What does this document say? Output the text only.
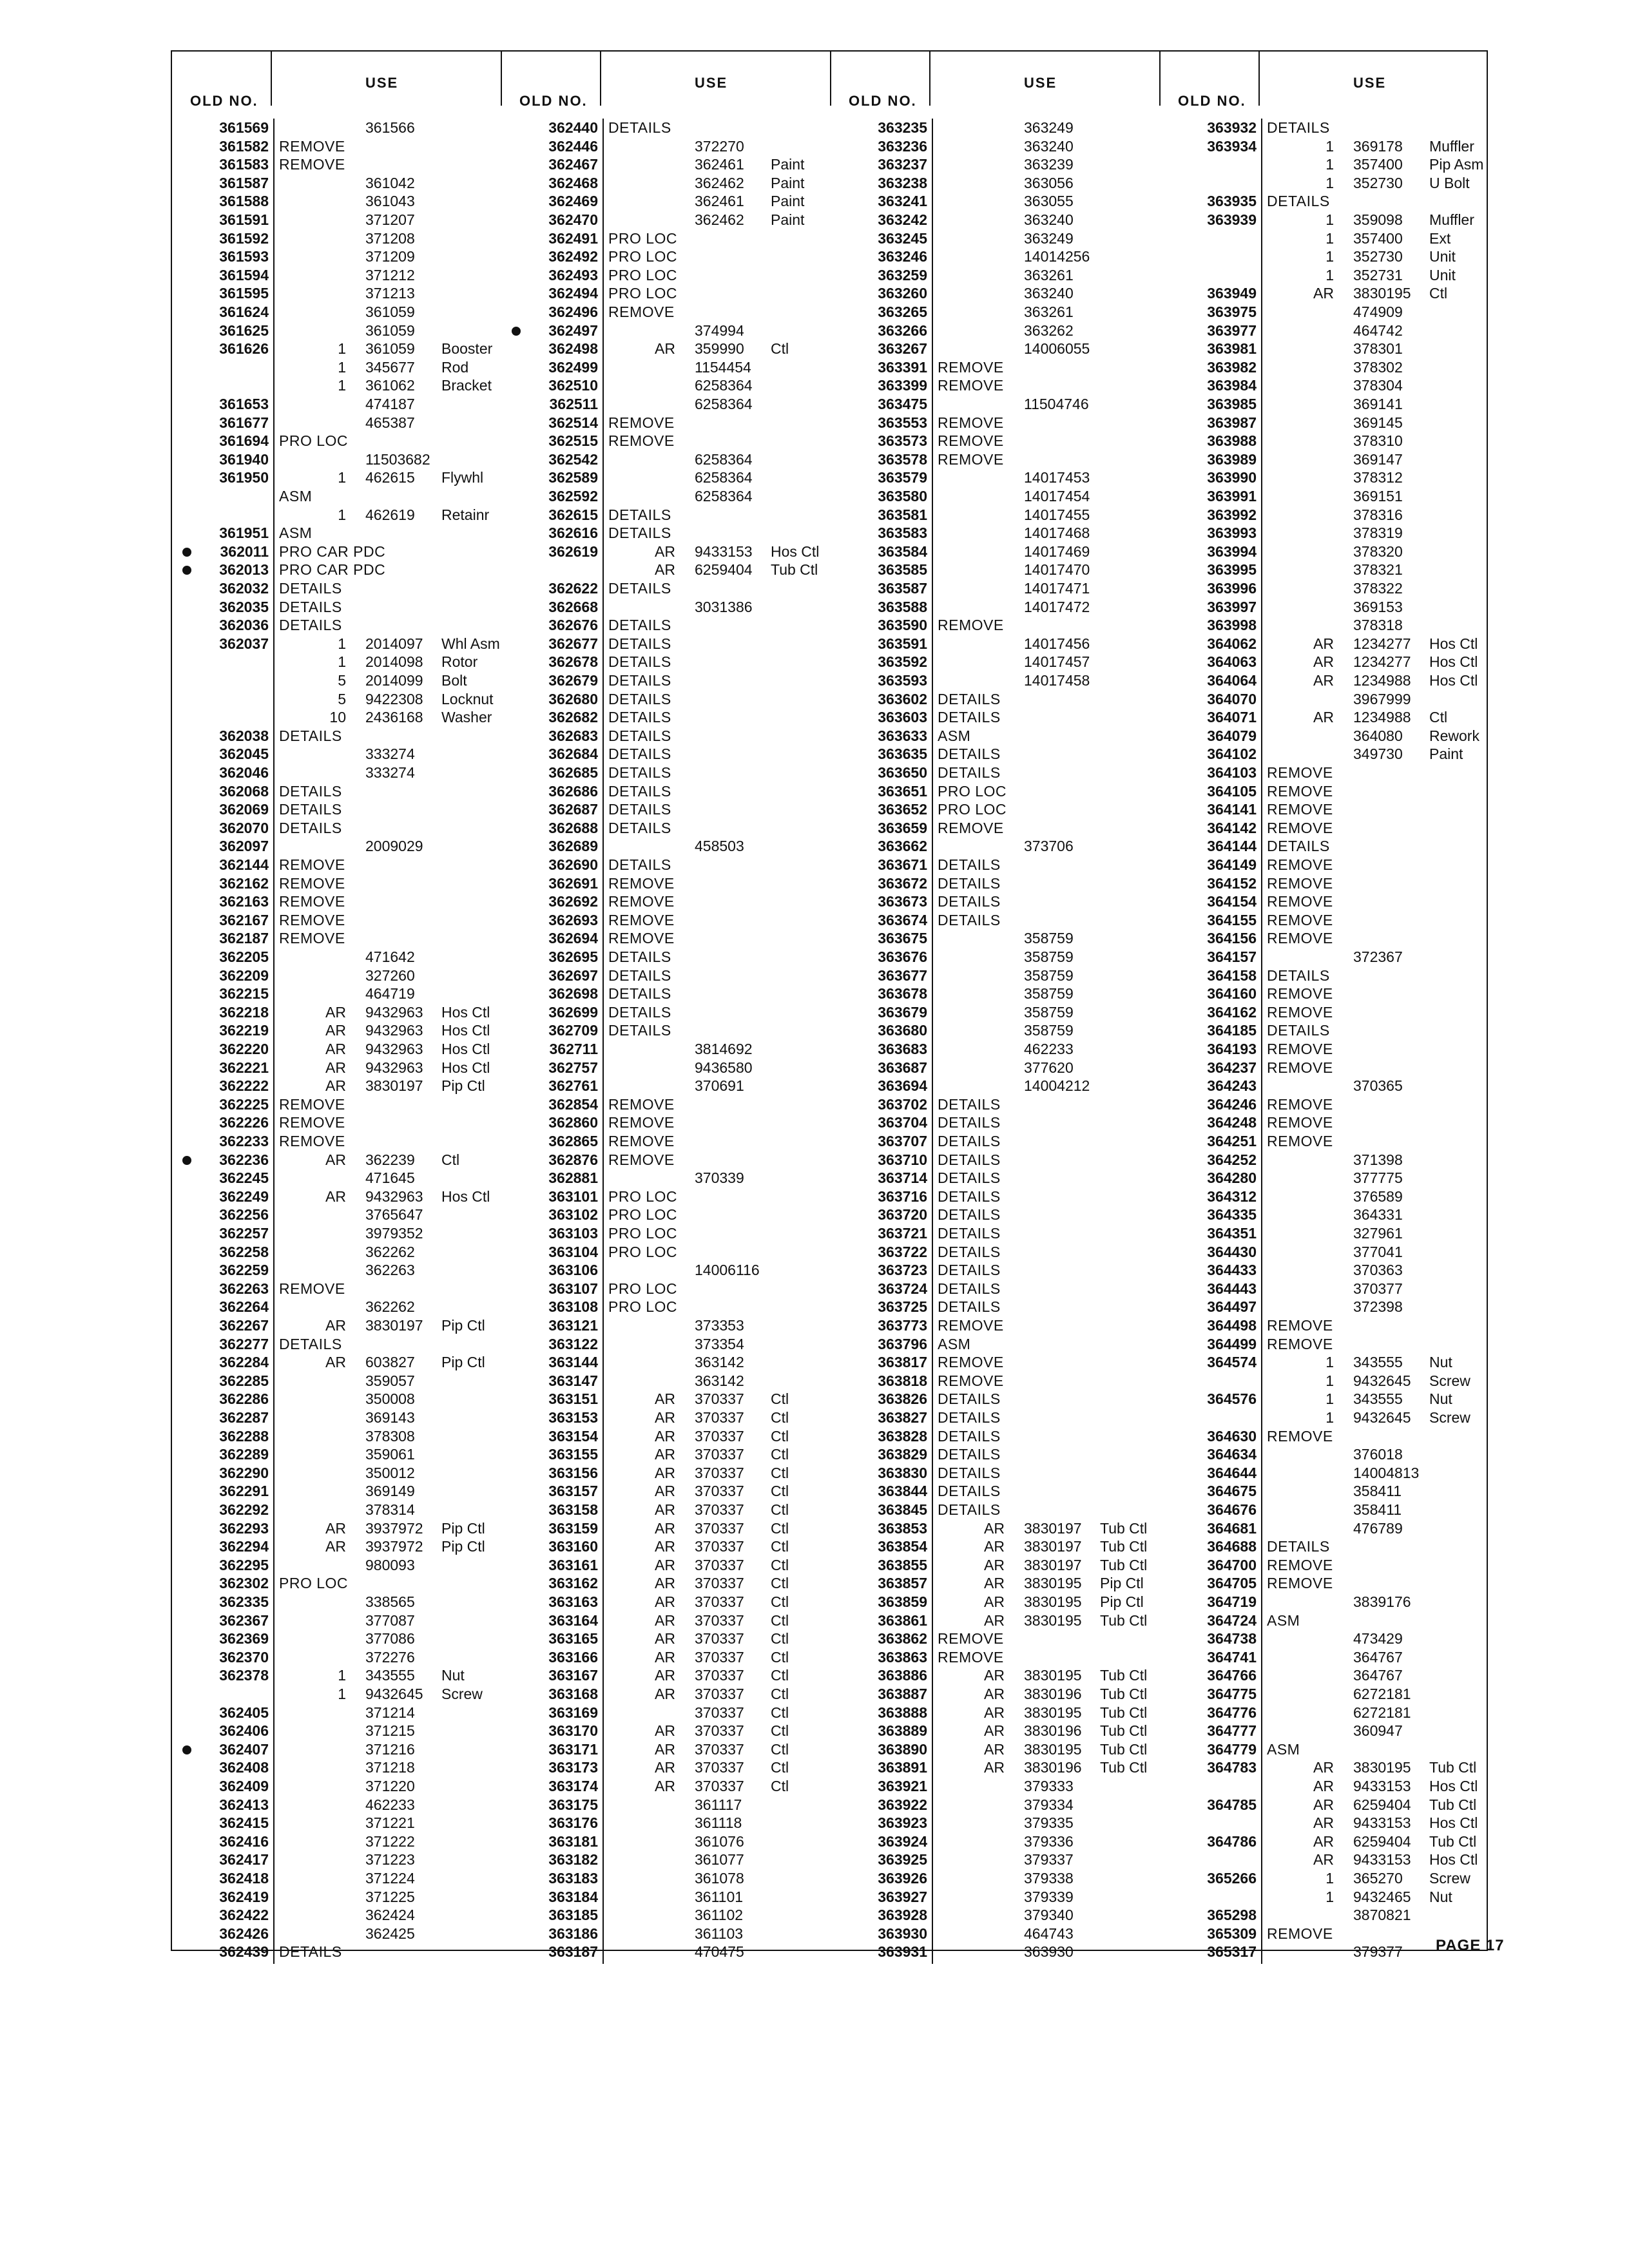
OLD NO.
USE
361569	361566
361582 REMOVE
361583 REMOVE
361587	361042
361588	361043
361591	371207
361592	371208
361593	371209
361594	371212
361595	371213
361624	361059
361625	361059
361626	1 361059 Booster
1 345677 Rod
1 361062 Bracket
361653	474187
361677	465387
361694 PRO LOC
361940	11503682
361950	1 462615 Flywhl
ASM
1 462619 Retainr
361951 ASM
362011 PRO CAR PDC
362013 PRO CAR PDC
362032 DETAILS
362035 DETAILS
362036 DETAILS
362037	1 2014097 Whl Asm
1 2014098 Rotor
5 2014099 Bolt
5 9422308 Locknut
10 2436168 Washer
362038 DETAILS
362045	333274
362046	333274
362068 DETAILS
362069 DETAILS
362070 DETAILS
362097	2009029
362144 REMOVE
362162 REMOVE
362163 REMOVE
362167 REMOVE
362187 REMOVE
362205	471642
362209	327260
362215	464719
362218	AR 9432963 Hos Ctl
362219	AR 9432963 Hos Ctl
362220	AR 9432963 Hos Ctl
362221	AR 9432963 Hos Ctl
362222	AR 3830197 Pip Ctl
362225 REMOVE
362226 REMOVE
362233 REMOVE
362236	AR 362239 Ctl
362245	471645
362249	AR 9432963 Hos Ctl
362256	3765647
362257	3979352
362258	362262
362259	362263
362263 REMOVE
362264	362262
362267	AR 3830197 Pip Ctl
362277 DETAILS
362284	AR 603827 Pip Ctl
362285	359057
362286	350008
362287	369143
362288	378308
362289	359061
362290	350012
362291	369149
362292	378314
362293	AR 3937972 Pip Ctl
362294	AR 3937972 Pip Ctl
362295	980093
362302 PRO LOC
362335	338565
362367	377087
362369	377086
362370	372276
362378	1 343555 Nut
1 9432645 Screw
362405	371214
362406	371215
362407	371216
362408	371218
362409	371220
362413	462233
362415	371221
362416	371222
362417	371223
362418	371224
362419	371225
362422	362424
362426	362425
362439 DETAILS
OLD NO.
USE
362440 DETAILS
362446	372270
362467	362461 Paint
362468	362462 Paint
362469	362461 Paint
362470	362462 Paint
362491 PRO LOC
362492 PRO LOC
362493 PRO LOC
362494 PRO LOC
362496 REMOVE
362497	374994
362498	AR 359990 Ctl
362499	1154454
362510	6258364
362511	6258364
362514 REMOVE
362515 REMOVE
362542	6258364
362589	6258364
362592	6258364
362615 DETAILS
362616 DETAILS
362619	AR 9433153 Hos Ctl
AR 6259404 Tub Ctl
362622 DETAILS
362668	3031386
362676 DETAILS
362677 DETAILS
362678 DETAILS
362679 DETAILS
362680 DETAILS
362682 DETAILS
362683 DETAILS
362684 DETAILS
362685 DETAILS
362686 DETAILS
362687 DETAILS
362688 DETAILS
362689	458503
362690 DETAILS
362691 REMOVE
362692 REMOVE
362693 REMOVE
362694 REMOVE
362695 DETAILS
362697 DETAILS
362698 DETAILS
362699 DETAILS
362709 DETAILS
362711	3814692
362757	9436580
362761	370691
362854 REMOVE
362860 REMOVE
362865 REMOVE
362876 REMOVE
362881	370339
363101 PRO LOC
363102 PRO LOC
363103 PRO LOC
363104 PRO LOC
363106	14006116
363107 PRO LOC
363108 PRO LOC
363121	373353
363122	373354
363144	363142
363147	363142
363151	AR 370337 Ctl
363153	AR 370337 Ctl
363154	AR 370337 Ctl
363155	AR 370337 Ctl
363156	AR 370337 Ctl
363157	AR 370337 Ctl
363158	AR 370337 Ctl
363159	AR 370337 Ctl
363160	AR 370337 Ctl
363161	AR 370337 Ctl
363162	AR 370337 Ctl
363163	AR 370337 Ctl
363164	AR 370337 Ctl
363165	AR 370337 Ctl
363166	AR 370337 Ctl
363167	AR 370337 Ctl
363168	AR 370337 Ctl
363169	370337 Ctl
363170	AR 370337 Ctl
363171	AR 370337 Ctl
363173	AR 370337 Ctl
363174	AR 370337 Ctl
363175	361117
363176	361118
363181	361076
363182	361077
363183	361078
363184	361101
363185	361102
363186	361103
363187	470475
OLD NO.
USE
363235	363249
363236	363240
363237	363239
363238	363056
363241	363055
363242	363240
363245	363249
363246	14014256
363259	363261
363260	363240
363265	363261
363266	363262
363267	14006055
363391 REMOVE
363399 REMOVE
363475	11504746
363553 REMOVE
363573 REMOVE
363578 REMOVE
363579	14017453
363580	14017454
363581	14017455
363583	14017468
363584	14017469
363585	14017470
363587	14017471
363588	14017472
363590 REMOVE
363591	14017456
363592	14017457
363593	14017458
363602 DETAILS
363603 DETAILS
363633 ASM
363635 DETAILS
363650 DETAILS
363651 PRO LOC
363652 PRO LOC
363659 REMOVE
363662	373706
363671 DETAILS
363672 DETAILS
363673 DETAILS
363674 DETAILS
363675	358759
363676	358759
363677	358759
363678	358759
363679	358759
363680	358759
363683	462233
363687	377620
363694	14004212
363702 DETAILS
363704 DETAILS
363707 DETAILS
363710 DETAILS
363714 DETAILS
363716 DETAILS
363720 DETAILS
363721 DETAILS
363722 DETAILS
363723 DETAILS
363724 DETAILS
363725 DETAILS
363773 REMOVE
363796 ASM
363817 REMOVE
363818 REMOVE
363826 DETAILS
363827 DETAILS
363828 DETAILS
363829 DETAILS
363830 DETAILS
363844 DETAILS
363845 DETAILS
363853	AR 3830197 Tub Ctl
363854	AR 3830197 Tub Ctl
363855	AR 3830197 Tub Ctl
363857	AR 3830195 Pip Ctl
363859	AR 3830195 Pip Ctl
363861	AR 3830195 Tub Ctl
363862 REMOVE
363863 REMOVE
363886	AR 3830195 Tub Ctl
363887	AR 3830196 Tub Ctl
363888	AR 3830195 Tub Ctl
363889	AR 3830196 Tub Ctl
363890	AR 3830195 Tub Ctl
363891	AR 3830196 Tub Ctl
363921	379333
363922	379334
363923	379335
363924	379336
363925	379337
363926	379338
363927	379339
363928	379340
363930	464743
363931	363930
OLD NO.
USE
363932 DETAILS
363934	1 369178 Muffler
1 357400 Pip Asm
1 352730 U Bolt
363935 DETAILS
363939	1 359098 Muffler
1 357400 Ext
1 352730 Unit
1 352731 Unit
363949	AR 3830195 Ctl
363975	474909
363977	464742
363981	378301
363982	378302
363984	378304
363985	369141
363987	369145
363988	378310
363989	369147
363990	378312
363991	369151
363992	378316
363993	378319
363994	378320
363995	378321
363996	378322
363997	369153
363998	378318
364062	AR 1234277 Hos Ctl
364063	AR 1234277 Hos Ctl
364064	AR 1234988 Hos Ctl
364070	3967999
364071	AR 1234988 Ctl
364079	364080 Rework
364102	349730 Paint
364103 REMOVE
364105 REMOVE
364141 REMOVE
364142 REMOVE
364144 DETAILS
364149 REMOVE
364152 REMOVE
364154 REMOVE
364155 REMOVE
364156 REMOVE
364157	372367
364158 DETAILS
364160 REMOVE
364162 REMOVE
364185 DETAILS
364193 REMOVE
364237 REMOVE
364243	370365
364246 REMOVE
364248 REMOVE
364251 REMOVE
364252	371398
364280	377775
364312	376589
364335	364331
364351	327961
364430	377041
364433	370363
364443	370377
364497	372398
364498 REMOVE
364499 REMOVE
364574	1 343555 Nut
1 9432645 Screw
364576	1 343555 Nut
1 9432645 Screw
364630 REMOVE
364634	376018
364644	14004813
364675	358411
364676	358411
364681	476789
364688 DETAILS
364700 REMOVE
364705 REMOVE
364719	3839176
364724 ASM
364738	473429
364741	364767
364766	364767
364775	6272181
364776	6272181
364777	360947
364779 ASM
364783	AR 3830195 Tub Ctl
AR 9433153 Hos Ctl
364785	AR 6259404 Tub Ctl
AR 9433153 Hos Ctl
364786	AR 6259404 Tub Ctl
AR 9433153 Hos Ctl
365266	1 365270 Screw
1 9432465 Nut
365298	3870821
365309 REMOVE
365317	379377 PAGE 17
